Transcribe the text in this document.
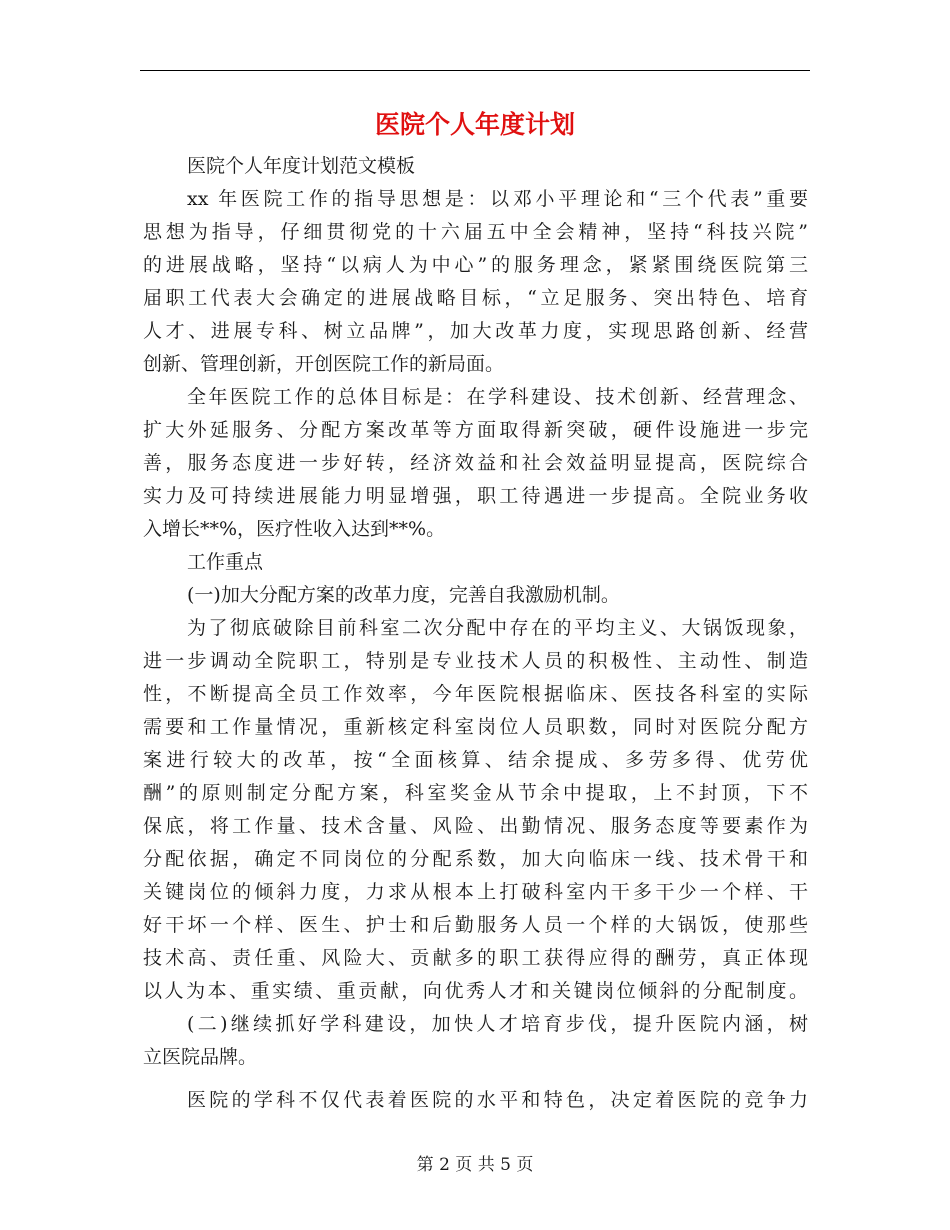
医院个人年度计划
医院个人年度计划范文模板
xx 年医院工作的指导思想是：以邓小平理论和“三个代表”重要
思想为指导，仔细贯彻党的十六届五中全会精神，坚持“科技兴院”
的进展战略，坚持“以病人为中心”的服务理念，紧紧围绕医院第三
届职工代表大会确定的进展战略目标，“立足服务、突出特色、培育
人才、进展专科、树立品牌”，加大改革力度，实现思路创新、经营
创新、管理创新，开创医院工作的新局面。
全年医院工作的总体目标是：在学科建设、技术创新、经营理念、
扩大外延服务、分配方案改革等方面取得新突破，硬件设施进一步完
善，服务态度进一步好转，经济效益和社会效益明显提高，医院综合
实力及可持续进展能力明显增强，职工待遇进一步提高。全院业务收
入增长**%，医疗性收入达到**%。
工作重点
(一)加大分配方案的改革力度，完善自我激励机制。
为了彻底破除目前科室二次分配中存在的平均主义、大锅饭现象，
进一步调动全院职工，特别是专业技术人员的积极性、主动性、制造
性，不断提高全员工作效率，今年医院根据临床、医技各科室的实际
需要和工作量情况，重新核定科室岗位人员职数，同时对医院分配方
案进行较大的改革，按“全面核算、结余提成、多劳多得、优劳优
酬”的原则制定分配方案，科室奖金从节余中提取，上不封顶，下不
保底，将工作量、技术含量、风险、出勤情况、服务态度等要素作为
分配依据，确定不同岗位的分配系数，加大向临床一线、技术骨干和
关键岗位的倾斜力度，力求从根本上打破科室内干多干少一个样、干
好干坏一个样、医生、护士和后勤服务人员一个样的大锅饭，使那些
技术高、责任重、风险大、贡献多的职工获得应得的酬劳，真正体现
以人为本、重实绩、重贡献，向优秀人才和关键岗位倾斜的分配制度。
(二)继续抓好学科建设，加快人才培育步伐，提升医院内涵，树
立医院品牌。
医院的学科不仅代表着医院的水平和特色，决定着医院的竞争力
第 2 页 共 5 页
